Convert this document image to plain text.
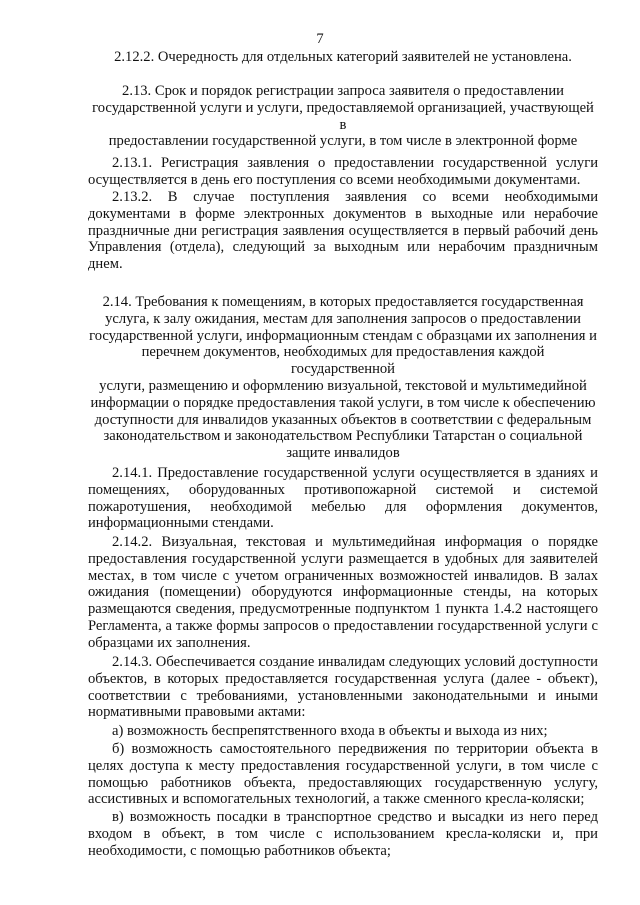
7
2.12.2. Очередность для отдельных категорий заявителей не установлена.
2.13. Срок и порядок регистрации запроса заявителя о предоставлении
государственной услуги и услуги, предоставляемой организацией, участвующей в
предоставлении государственной услуги, в том числе в электронной форме
2.13.1. Регистрация заявления о предоставлении государственной услуги осуществляется в день его поступления со всеми необходимыми документами.
2.13.2. В случае поступления заявления со всеми необходимыми документами в форме электронных документов в выходные или нерабочие праздничные дни регистрация заявления осуществляется в первый рабочий день Управления (отдела), следующий за выходным или нерабочим праздничным днем.
2.14. Требования к помещениям, в которых предоставляется государственная
услуга, к залу ожидания, местам для заполнения запросов о предоставлении
государственной услуги, информационным стендам с образцами их заполнения и
перечнем документов, необходимых для предоставления каждой государственной
услуги, размещению и оформлению визуальной, текстовой и мультимедийной
информации о порядке предоставления такой услуги, в том числе к обеспечению
доступности для инвалидов указанных объектов в соответствии с федеральным
законодательством и законодательством Республики Татарстан о социальной
защите инвалидов
2.14.1. Предоставление государственной услуги осуществляется в зданиях и помещениях, оборудованных противопожарной системой и системой пожаротушения, необходимой мебелью для оформления документов, информационными стендами.
2.14.2. Визуальная, текстовая и мультимедийная информация о порядке предоставления государственной услуги размещается в удобных для заявителей местах, в том числе с учетом ограниченных возможностей инвалидов. В залах ожидания (помещении) оборудуются информационные стенды, на которых размещаются сведения, предусмотренные подпунктом 1 пункта 1.4.2 настоящего Регламента, а также формы запросов о предоставлении государственной услуги с образцами их заполнения.
2.14.3. Обеспечивается создание инвалидам следующих условий доступности объектов, в которых предоставляется государственная услуга (далее - объект), соответствии с требованиями, установленными законодательными и иными нормативными правовыми актами:
а) возможность беспрепятственного входа в объекты и выхода из них;
б) возможность самостоятельного передвижения по территории объекта в целях доступа к месту предоставления государственной услуги, в том числе с помощью работников объекта, предоставляющих государственную услугу, ассистивных и вспомогательных технологий, а также сменного кресла-коляски;
в) возможность посадки в транспортное средство и высадки из него перед входом в объект, в том числе с использованием кресла-коляски и, при необходимости, с помощью работников объекта;
